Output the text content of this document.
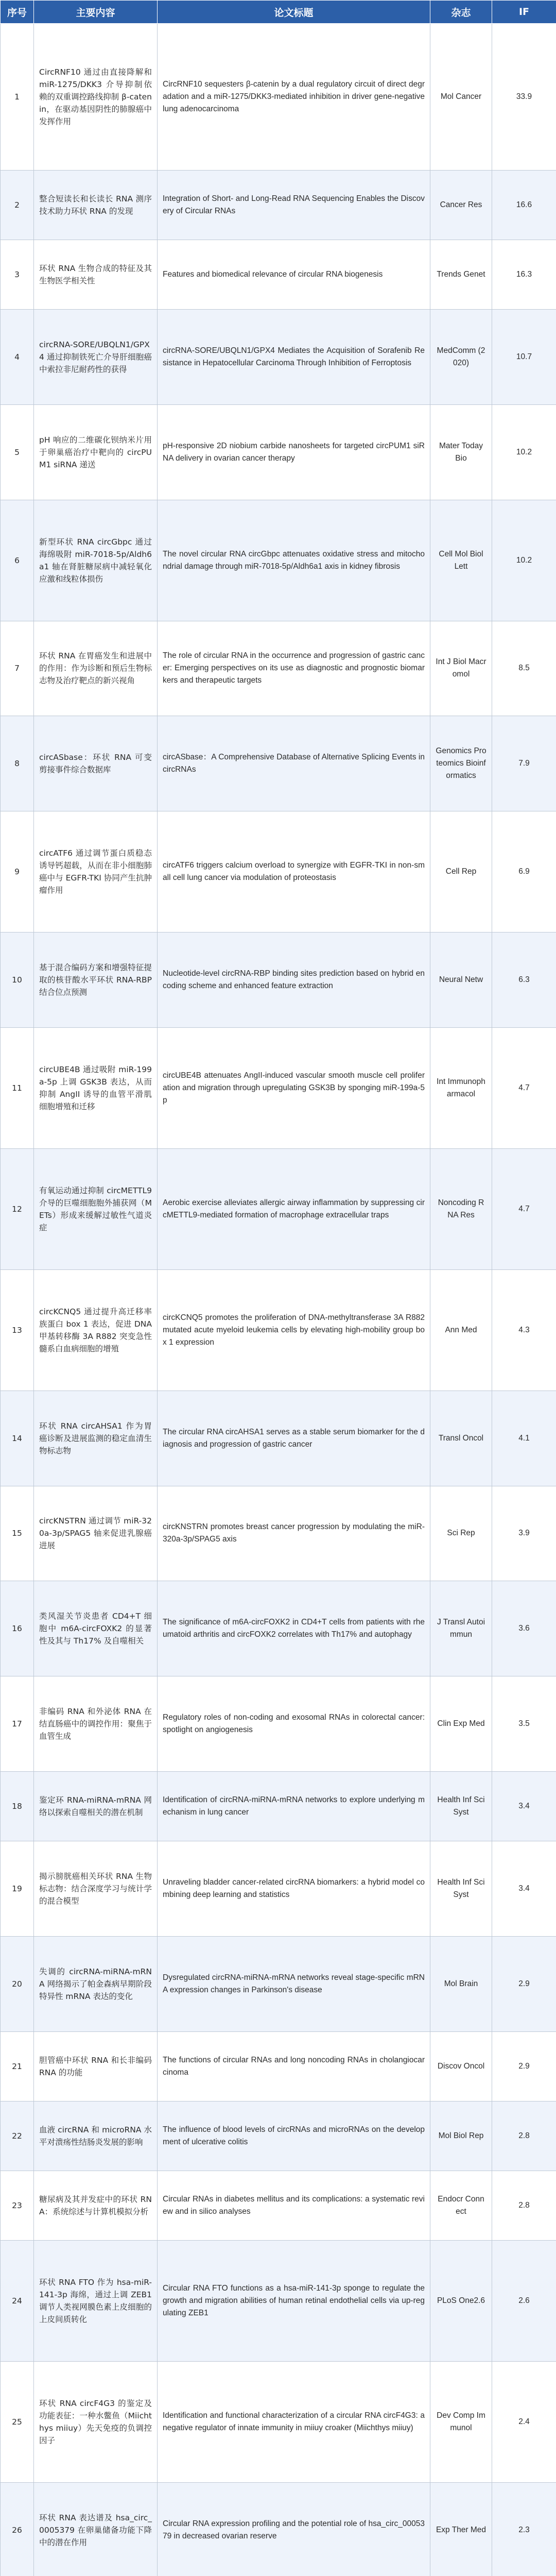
序号	主要内容	论文标题	杂志	IF
1	CircRNF10 通过由直接降解和 miR-1275/DKK3 介导抑制依赖的双重调控路线抑制 β-catenin，在驱动基因阴性的肺腺癌中发挥作用	CircRNF10 sequesters β-catenin by a dual regulatory circuit of direct degradation and a miR-1275/DKK3-mediated inhibition in driver gene-negative lung adenocarcinoma	Mol Cancer	33.9
2	整合短读长和长读长 RNA 测序技术助力环状 RNA 的发现	Integration of Short- and Long-Read RNA Sequencing Enables the Discovery of Circular RNAs	Cancer Res	16.6
3	环状 RNA 生物合成的特征及其生物医学相关性	Features and biomedical relevance of circular RNA biogenesis	Trends Genet	16.3
4	circRNA-SORE/UBQLN1/GPX4 通过抑制铁死亡介导肝细胞癌中索拉非尼耐药性的获得	circRNA-SORE/UBQLN1/GPX4 Mediates the Acquisition of Sorafenib Resistance in Hepatocellular Carcinoma Through Inhibition of Ferroptosis	MedComm (2020)	10.7
5	pH 响应的二维碳化钡纳米片用于卵巢癌治疗中靶向的 circPUM1 siRNA 递送	pH-responsive 2D niobium carbide nanosheets for targeted circPUM1 siRNA delivery in ovarian cancer therapy	Mater Today Bio	10.2
6	新型环状 RNA circGbpc 通过海绵吸附 miR-7018-5p/Aldh6a1 轴在肾脏糖尿病中减轻氧化应激和线粒体损伤	The novel circular RNA circGbpc attenuates oxidative stress and mitochondrial damage through miR-7018-5p/Aldh6a1 axis in kidney fibrosis	Cell Mol Biol Lett	10.2
7	环状 RNA 在胃癌发生和进展中的作用：作为诊断和预后生物标志物及治疗靶点的新兴视角	The role of circular RNA in the occurrence and progression of gastric cancer: Emerging perspectives on its use as diagnostic and prognostic biomarkers and therapeutic targets	Int J Biol Macromol	8.5
8	circASbase：环状 RNA 可变剪接事件综合数据库	circASbase：A Comprehensive Database of Alternative Splicing Events in circRNAs	Genomics Proteomics Bioinformatics	7.9
9	circATF6 通过调节蛋白质稳态诱导钙超载，从而在非小细胞肺癌中与 EGFR-TKI 协同产生抗肿瘤作用	circATF6 triggers calcium overload to synergize with EGFR-TKI in non-small cell lung cancer via modulation of proteostasis	Cell Rep	6.9
10	基于混合编码方案和增强特征提取的核苷酸水平环状 RNA-RBP 结合位点预测	Nucleotide-level circRNA-RBP binding sites prediction based on hybrid encoding scheme and enhanced feature extraction	Neural Netw	6.3
11	circUBE4B 通过吸附 miR-199a-5p 上调 GSK3B 表达，从而抑制 AngII 诱导的血管平滑肌细胞增殖和迁移	circUBE4B attenuates AngII-induced vascular smooth muscle cell proliferation and migration through upregulating GSK3B by sponging miR-199a-5p	Int Immunopharmacol	4.7
12	有氧运动通过抑制 circMETTL9 介导的巨噬细胞胞外捕获网（METs）形成来缓解过敏性气道炎症	Aerobic exercise alleviates allergic airway inflammation by suppressing circMETTL9-mediated formation of macrophage extracellular traps	Noncoding RNA Res	4.7
13	circKCNQ5 通过提升高迁移率族蛋白 box 1 表达，促进 DNA 甲基转移酶 3A R882 突变急性髓系白血病细胞的增殖	circKCNQ5 promotes the proliferation of DNA-methyltransferase 3A R882 mutated acute myeloid leukemia cells by elevating high-mobility group box 1 expression	Ann Med	4.3
14	环状 RNA circAHSA1 作为胃癌诊断及进展监测的稳定血清生物标志物	The circular RNA circAHSA1 serves as a stable serum biomarker for the diagnosis and progression of gastric cancer	Transl Oncol	4.1
15	circKNSTRN 通过调节 miR-320a-3p/SPAG5 轴来促进乳腺癌进展	circKNSTRN promotes breast cancer progression by modulating the miR-320a-3p/SPAG5 axis	Sci Rep	3.9
16	类风湿关节炎患者 CD4+T 细胞中 m6A-circFOXK2 的显著性及其与 Th17% 及自噬相关	The significance of m6A-circFOXK2 in CD4+T cells from patients with rheumatoid arthritis and circFOXK2 correlates with Th17% and autophagy	J Transl Autoimmun	3.6
17	非编码 RNA 和外泌体 RNA 在结直肠癌中的调控作用：聚焦于血管生成	Regulatory roles of non-coding and exosomal RNAs in colorectal cancer: spotlight on angiogenesis	Clin Exp Med	3.5
18	鉴定环 RNA-miRNA-mRNA 网络以探索自噬相关的潜在机制	Identification of circRNA-miRNA-mRNA networks to explore underlying mechanism in lung cancer	Health Inf Sci Syst	3.4
19	揭示膀胱癌相关环状 RNA 生物标志物：结合深度学习与统计学的混合模型	Unraveling bladder cancer-related circRNA biomarkers: a hybrid model combining deep learning and statistics	Health Inf Sci Syst	3.4
20	失调的 circRNA-miRNA-mRNA 网络揭示了帕金森病早期阶段特异性 mRNA 表达的变化	Dysregulated circRNA-miRNA-mRNA networks reveal stage-specific mRNA expression changes in Parkinson's disease	Mol Brain	2.9
21	胆管癌中环状 RNA 和长非编码 RNA 的功能	The functions of circular RNAs and long noncoding RNAs in cholangiocarcinoma	Discov Oncol	2.9
22	血液 circRNA 和 microRNA 水平对溃疡性结肠炎发展的影响	The influence of blood levels of circRNAs and microRNAs on the development of ulcerative colitis	Mol Biol Rep	2.8
23	糖尿病及其并发症中的环状 RNA：系统综述与计算机模拟分析	Circular RNAs in diabetes mellitus and its complications: a systematic review and in silico analyses	Endocr Connect	2.8
24	环状 RNA FTO 作为 hsa-miR-141-3p 海绵，通过上调 ZEB1 调节人类视网膜色素上皮细胞的上皮间质转化	Circular RNA FTO functions as a hsa-miR-141-3p sponge to regulate the growth and migration abilities of human retinal endothelial cells via up-regulating ZEB1	PLoS One2.6	2.6
25	环状 RNA circF4G3 的鉴定及功能表征：一种水鳖鱼（Miichthys miiuy）先天免疫的负调控因子	Identification and functional characterization of a circular RNA circF4G3: a negative regulator of innate immunity in miiuy croaker (Miichthys miiuy)	Dev Comp Immunol	2.4
26	环状 RNA 表达谱及 hsa_circ_0005379 在卵巢储备功能下降中的潜在作用	Circular RNA expression profiling and the potential role of hsa_circ_0005379 in decreased ovarian reserve	Exp Ther Med	2.3
